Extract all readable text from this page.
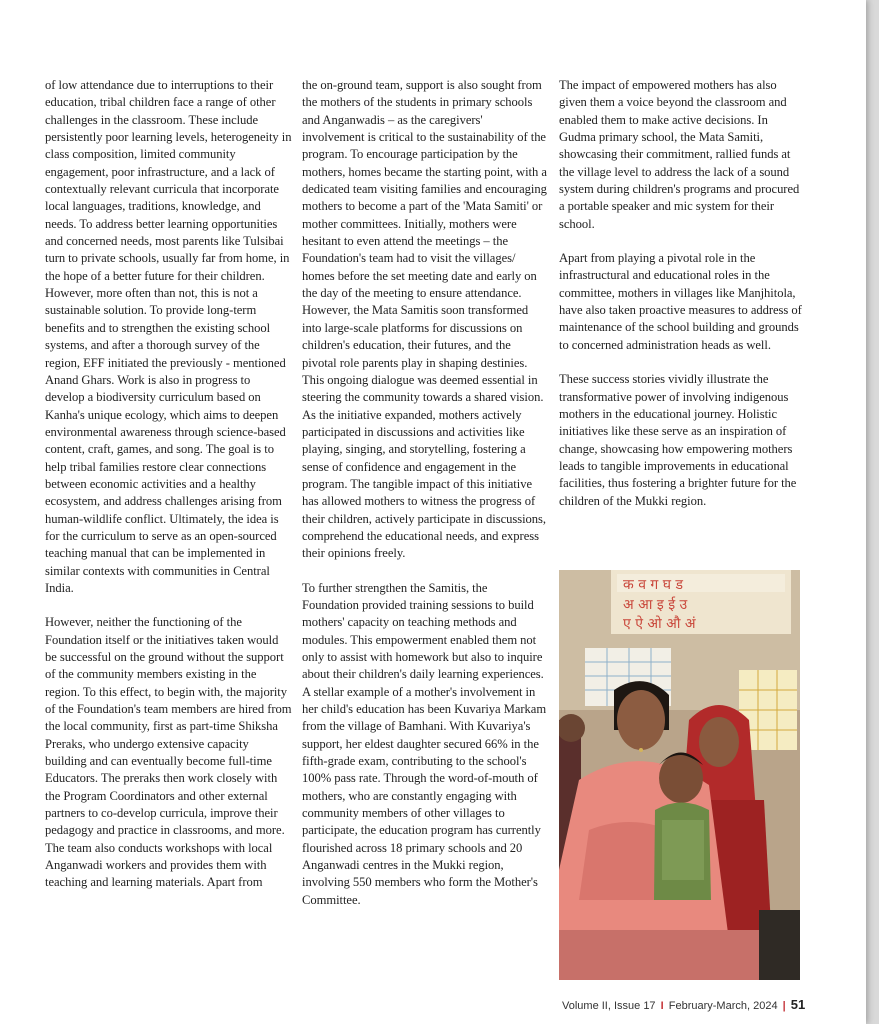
of low attendance due to interruptions to their education, tribal children face a range of other challenges in the classroom. These include persistently poor learning levels, heterogeneity in class composition, limited community engagement, poor infrastructure, and a lack of contextually relevant curricula that incorporate local languages, traditions, knowledge, and needs. To address better learning opportunities and concerned needs, most parents like Tulsibai turn to private schools, usually far from home, in the hope of a better future for their children. However, more often than not, this is not a sustainable solution. To provide long-term benefits and to strengthen the existing school systems, and after a thorough survey of the region, EFF initiated the previously - mentioned Anand Ghars. Work is also in progress to develop a biodiversity curriculum based on Kanha's unique ecology, which aims to deepen environmental awareness through science-based content, craft, games, and song. The goal is to help tribal families restore clear connections between economic activities and a healthy ecosystem, and address challenges arising from human-wildlife conflict. Ultimately, the idea is for the curriculum to serve as an open-sourced teaching manual that can be implemented in similar contexts with communities in Central India.

However, neither the functioning of the Foundation itself or the initiatives taken would be successful on the ground without the support of the community members existing in the region. To this effect, to begin with, the majority of the Foundation's team members are hired from the local community, first as part-time Shiksha Preraks, who undergo extensive capacity building and can eventually become full-time Educators. The preraks then work closely with the Program Coordinators and other external partners to co-develop curricula, improve their pedagogy and practice in classrooms, and more. The team also conducts workshops with local Anganwadi workers and provides them with teaching and learning materials. Apart from

the on-ground team, support is also sought from the mothers of the students in primary schools and Anganwadis – as the caregivers' involvement is critical to the sustainability of the program. To encourage participation by the mothers, homes became the starting point, with a dedicated team visiting families and encouraging mothers to become a part of the 'Mata Samiti' or mother committees. Initially, mothers were hesitant to even attend the meetings – the Foundation's team had to visit the villages/ homes before the set meeting date and early on the day of the meeting to ensure attendance. However, the Mata Samitis soon transformed into large-scale platforms for discussions on children's education, their futures, and the pivotal role parents play in shaping destinies. This ongoing dialogue was deemed essential in steering the community towards a shared vision. As the initiative expanded, mothers actively participated in discussions and activities like playing, singing, and storytelling, fostering a sense of confidence and engagement in the program. The tangible impact of this initiative has allowed mothers to witness the progress of their children, actively participate in discussions, comprehend the educational needs, and express their opinions freely.

To further strengthen the Samitis, the Foundation provided training sessions to build mothers' capacity on teaching methods and modules. This empowerment enabled them not only to assist with homework but also to inquire about their children's daily learning experiences. A stellar example of a mother's involvement in her child's education has been Kuvariya Markam from the village of Bamhani. With Kuvariya's support, her eldest daughter secured 66% in the fifth-grade exam, contributing to the school's 100% pass rate. Through the word-of-mouth of mothers, who are constantly engaging with community members of other villages to participate, the education program has currently flourished across 18 primary schools and 20 Anganwadi centres in the Mukki region, involving 550 members who form the Mother's Committee.

The impact of empowered mothers has also given them a voice beyond the classroom and enabled them to make active decisions. In Gudma primary school, the Mata Samiti, showcasing their commitment, rallied funds at the village level to address the lack of a sound system during children's programs and procured a portable speaker and mic system for their school.

Apart from playing a pivotal role in the infrastructural and educational roles in the committee, mothers in villages like Manjhitola, have also taken proactive measures to address of maintenance of the school building and grounds to concerned administration heads as well.

These success stories vividly illustrate the transformative power of involving indigenous mothers in the educational journey. Holistic initiatives like these serve as an inspiration of change, showcasing how empowering mothers leads to tangible improvements in educational facilities, thus fostering a brighter future for the children of the Mukki region.

क व ग घ ड
अ आ इ ई उ
ए ऐ ओ औ अं
Volume II, Issue 17 I February-March, 2024 | 51
